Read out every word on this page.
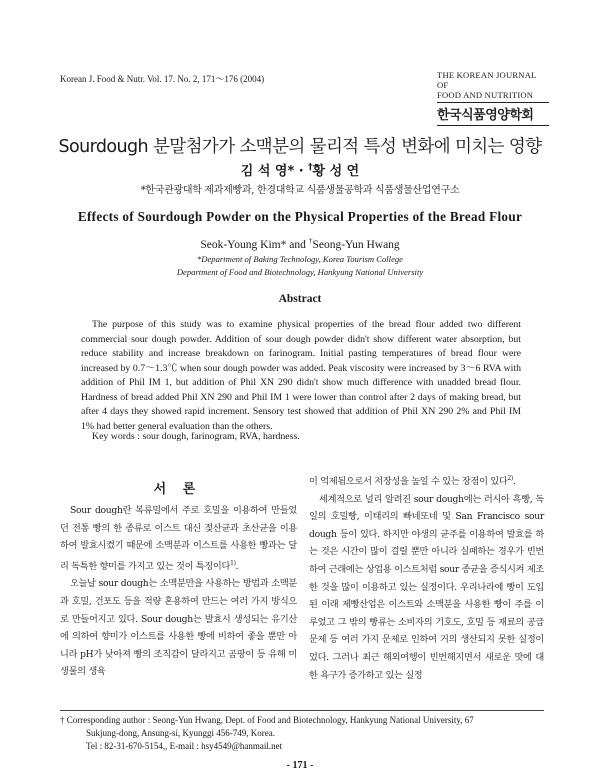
Korean J. Food & Nutr. Vol. 17. No. 2, 171～176 (2004)	THE KOREAN JOURNAL OF
FOOD AND NUTRITION
한국식품영양학회
Sourdough 분말첨가가 소맥분의 물리적 특성 변화에 미치는 영향
김 석 영* · †황 성 연
*한국관광대학 제과제빵과, 한경대학교 식품생물공학과 식품생물산업연구소
Effects of Sourdough Powder on the Physical Properties of the Bread Flour
Seok-Young Kim* and †Seong-Yun Hwang
*Department of Baking Technology, Korea Tourism College
Department of Food and Biotechnology, Hankyung National University
Abstract
The purpose of this study was to examine physical properties of the bread flour added two different commercial sour dough powder. Addition of sour dough powder didn't show different water absorption, but reduce stability and increase breakdown on farinogram. Initial pasting temperatures of bread flour were increased by 0.7～1.3℃ when sour dough powder was added. Peak viscosity were increased by 3～6 RVA with addition of Phil IM 1, but addition of Phil XN 290 didn't show much difference with unadded bread flour. Hardness of bread added Phil XN 290 and Phil IM 1 were lower than control after 2 days of making bread, but after 4 days they showed rapid increment. Sensory test showed that addition of Phil XN 290 2% and Phil IM 1% had better general evaluation than the others.
Key words : sour dough, farinogram, RVA, hardness.
서 론

Sour dough란 복류밀에서 주로 호밀을 이용하여 만들었던 전통 빵의 한 종류로 이스트 대신 젖산균과 초산균을 이용하여 발효시켰기 때문에 소맥분과 이스트를 사용한 빵과는 달리 독특한 향미를 가지고 있는 것이 특징이다$^{1)}$.

오늘날 sour dough는 소맥분만을 사용하는 방법과 소맥분과 호밀, 건포도 등을 적량 혼용하여 만드는 여러 가지 방식으로 만들어지고 있다. Sour dough는 발효시 생성되는 유기산에 의하여 향미가 이스트를 사용한 빵에 비하여 좋을 뿐만 아니라 pH가 낮아져 빵의 조직감이 달라지고 곰팡이 등 유해 미생물의 생육

이 억제됨으로서 저장성을 높일 수 있는 장점이 있다$^{2)}$.

세계적으로 널리 알려진 sour dough에는 러시아 흑빵, 독일의 호밀빵, 이태리의 빠네또네 및 San Francisco sour dough 등이 있다. 하지만 야생의 균주를 이용하여 발효를 하는 것은 시간이 많이 걸릴 뿐만 아니라 실패하는 경우가 빈번하여 근래에는 상업용 이스트처럼 sour 종균을 증식시켜 제조한 것을 많이 이용하고 있는 실정이다. 우리나라에 빵이 도입된 이래 제빵산업은 이스트와 소맥분을 사용한 빵이 주를 이루었고 그 밖의 빵류는 소비자의 기호도, 호밀 등 재료의 공급문제 등 여러 가지 문제로 인하여 거의 생산되지 못한 실정이었다. 그러나 최근 해외여행이 빈번해지면서 새로운 맛에 대한 욕구가 증가하고 있는 실정

† Corresponding author : Seong-Yun Hwang, Dept. of Food and Biotechnology, Hankyung National University, 67
Sukjung-dong, Ansung-si, Kyunggi 456-749, Korea.
Tel : 82-31-670-5154,, E-mail : hsy4549@hanmail.net
- 171 -
